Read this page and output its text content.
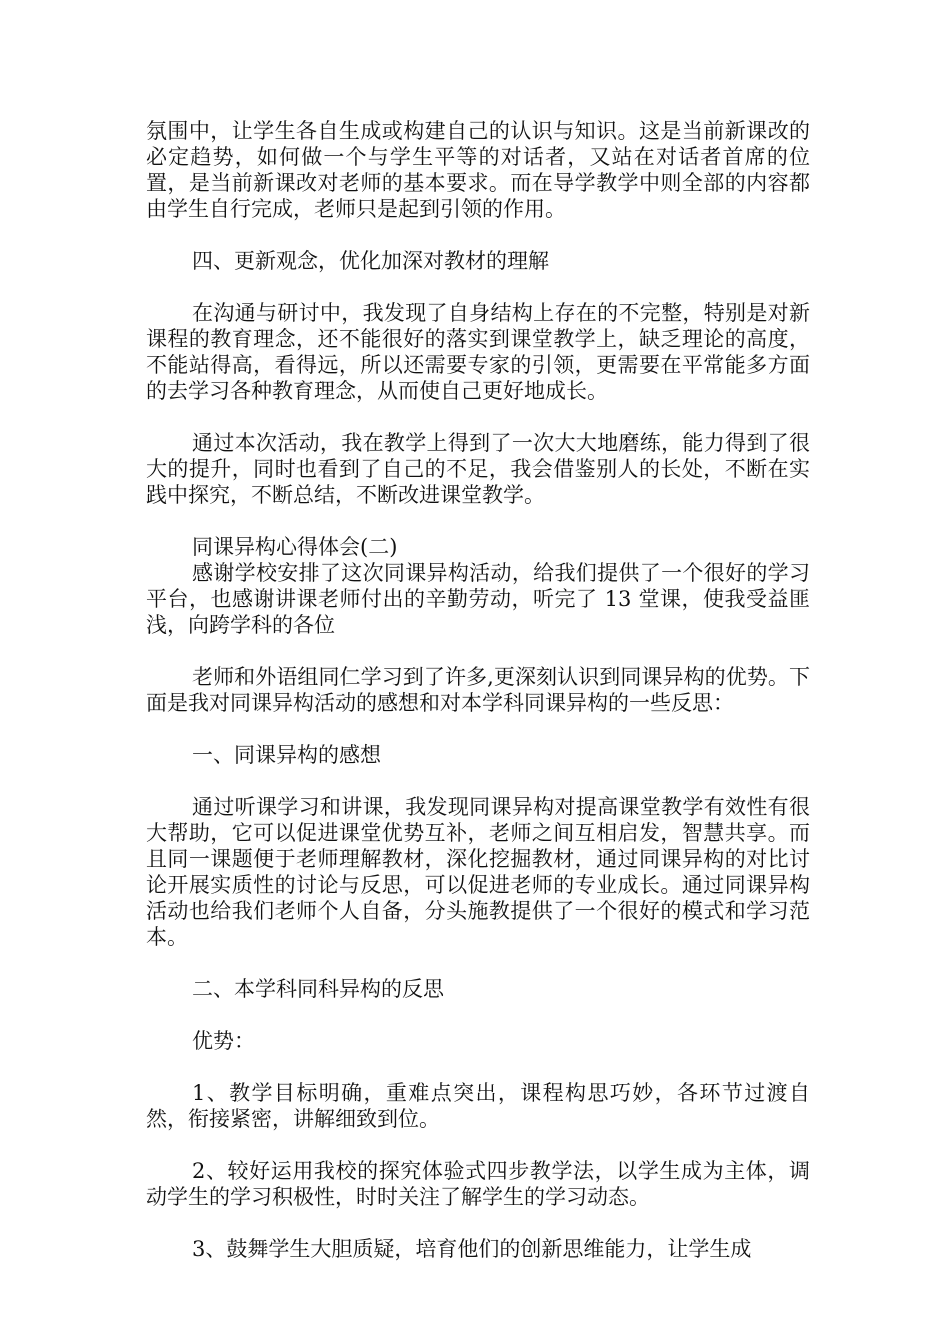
氛围中，让学生各自生成或构建自己的认识与知识。这是当前新课改的必定趋势，如何做一个与学生平等的对话者，又站在对话者首席的位置，是当前新课改对老师的基本要求。而在导学教学中则全部的内容都由学生自行完成，老师只是起到引领的作用。

四、更新观念，优化加深对教材的理解

在沟通与研讨中，我发现了自身结构上存在的不完整，特别是对新课程的教育理念，还不能很好的落实到课堂教学上，缺乏理论的高度，不能站得高，看得远，所以还需要专家的引领，更需要在平常能多方面的去学习各种教育理念，从而使自己更好地成长。

通过本次活动，我在教学上得到了一次大大地磨练，能力得到了很大的提升，同时也看到了自己的不足，我会借鉴别人的长处，不断在实践中探究，不断总结，不断改进课堂教学。

同课异构心得体会(二)

感谢学校安排了这次同课异构活动，给我们提供了一个很好的学习平台，也感谢讲课老师付出的辛勤劳动，听完了 13 堂课，使我受益匪浅，向跨学科的各位

老师和外语组同仁学习到了许多,更深刻认识到同课异构的优势。下面是我对同课异构活动的感想和对本学科同课异构的一些反思：

一、同课异构的感想

通过听课学习和讲课，我发现同课异构对提高课堂教学有效性有很大帮助，它可以促进课堂优势互补，老师之间互相启发，智慧共享。而且同一课题便于老师理解教材，深化挖掘教材，通过同课异构的对比讨论开展实质性的讨论与反思，可以促进老师的专业成长。通过同课异构活动也给我们老师个人自备，分头施教提供了一个很好的模式和学习范本。

二、本学科同科异构的反思

优势：

1、教学目标明确，重难点突出，课程构思巧妙，各环节过渡自然，衔接紧密，讲解细致到位。

2、较好运用我校的探究体验式四步教学法，以学生成为主体，调动学生的学习积极性，时时关注了解学生的学习动态。

3、鼓舞学生大胆质疑，培育他们的创新思维能力，让学生成
